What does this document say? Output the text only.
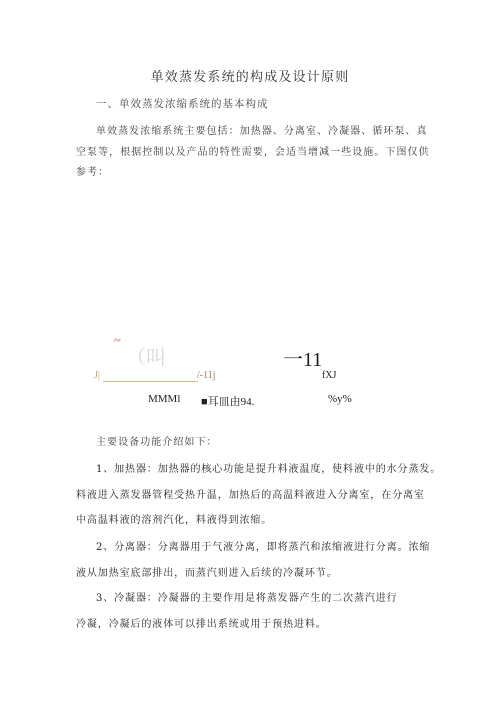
单效蒸发系统的构成及设计原则
一、单效蒸发浓缩系统的基本构成
单效蒸发浓缩系统主要包括：加热器、分离室、冷凝器、循环泵、真
空泵等，根据控制以及产品的特性需要，会适当增减一些设施。下图仅供
参考：
˜ （叫	一11
J|	/-11j	fXJ
MMMl ■耳皿由94.	%y%
主要设备功能介绍如下：
1、加热器：加热器的核心功能是提升料液温度，使料液中的水分蒸发。
料液进入蒸发器管程受热升温，加热后的高温料液进入分离室，在分离室
中高温料液的溶剂汽化，料液得到浓缩。
2、分离器：分离器用于气液分离，即将蒸汽和浓缩液进行分离。浓缩
液从加热室底部排出，而蒸汽则进入后续的冷凝环节。
3、冷凝器：冷凝器的主要作用是将蒸发器产生的二次蒸汽进行
冷凝，冷凝后的液体可以排出系统或用于预热进料。
